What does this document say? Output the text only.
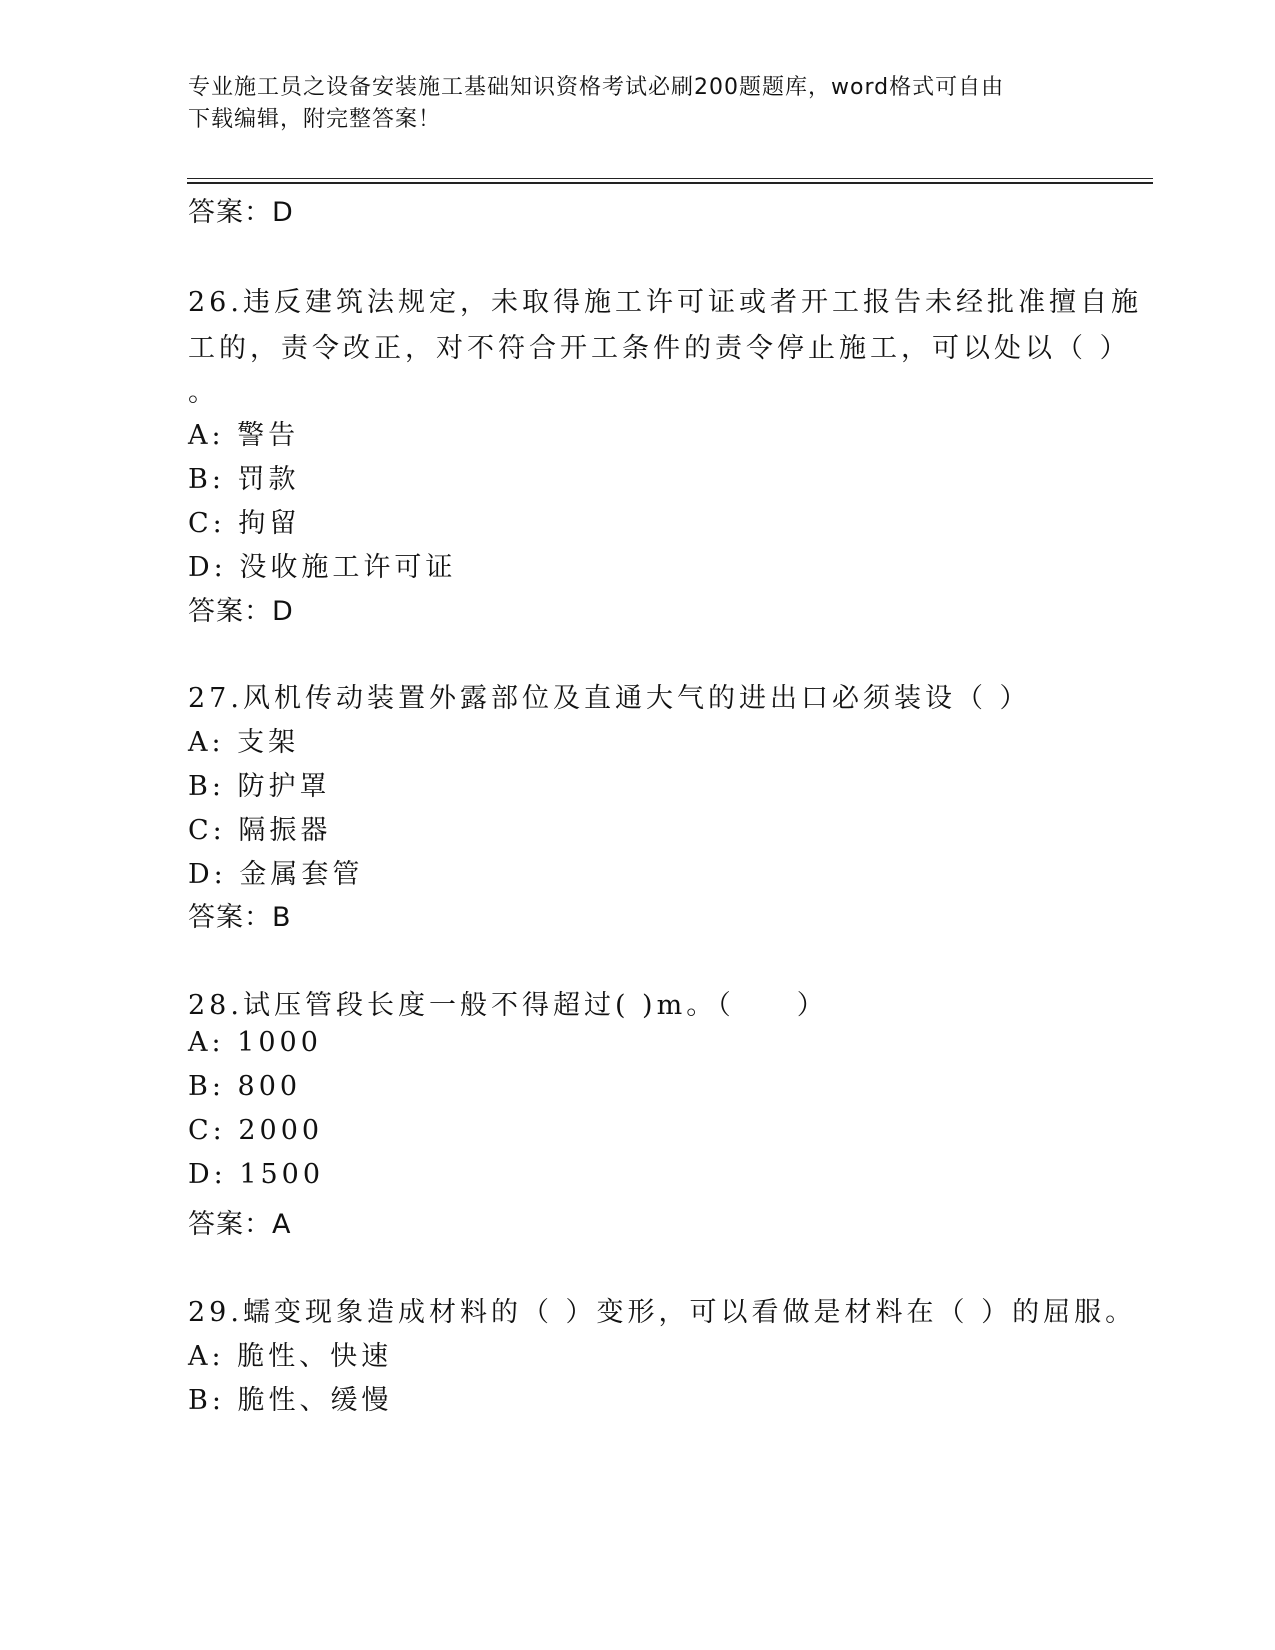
专业施工员之设备安装施工基础知识资格考试必刷200题题库，word格式可自由
下载编辑，附完整答案！
答案：D
26.违反建筑法规定，未取得施工许可证或者开工报告未经批准擅自施
工的，责令改正，对不符合开工条件的责令停止施工，可以处以（ ）
。
A: 警告
B: 罚款
C: 拘留
D: 没收施工许可证
答案：D
27.风机传动装置外露部位及直通大气的进出口必须装设（ ）
A: 支架
B: 防护罩
C: 隔振器
D: 金属套管
答案：B
28.试压管段长度一般不得超过( )m。（　　）
A: 1000
B: 800
C: 2000
D: 1500
答案：A
29.蠕变现象造成材料的（ ）变形，可以看做是材料在（ ）的屈服。
A: 脆性、快速
B: 脆性、缓慢
